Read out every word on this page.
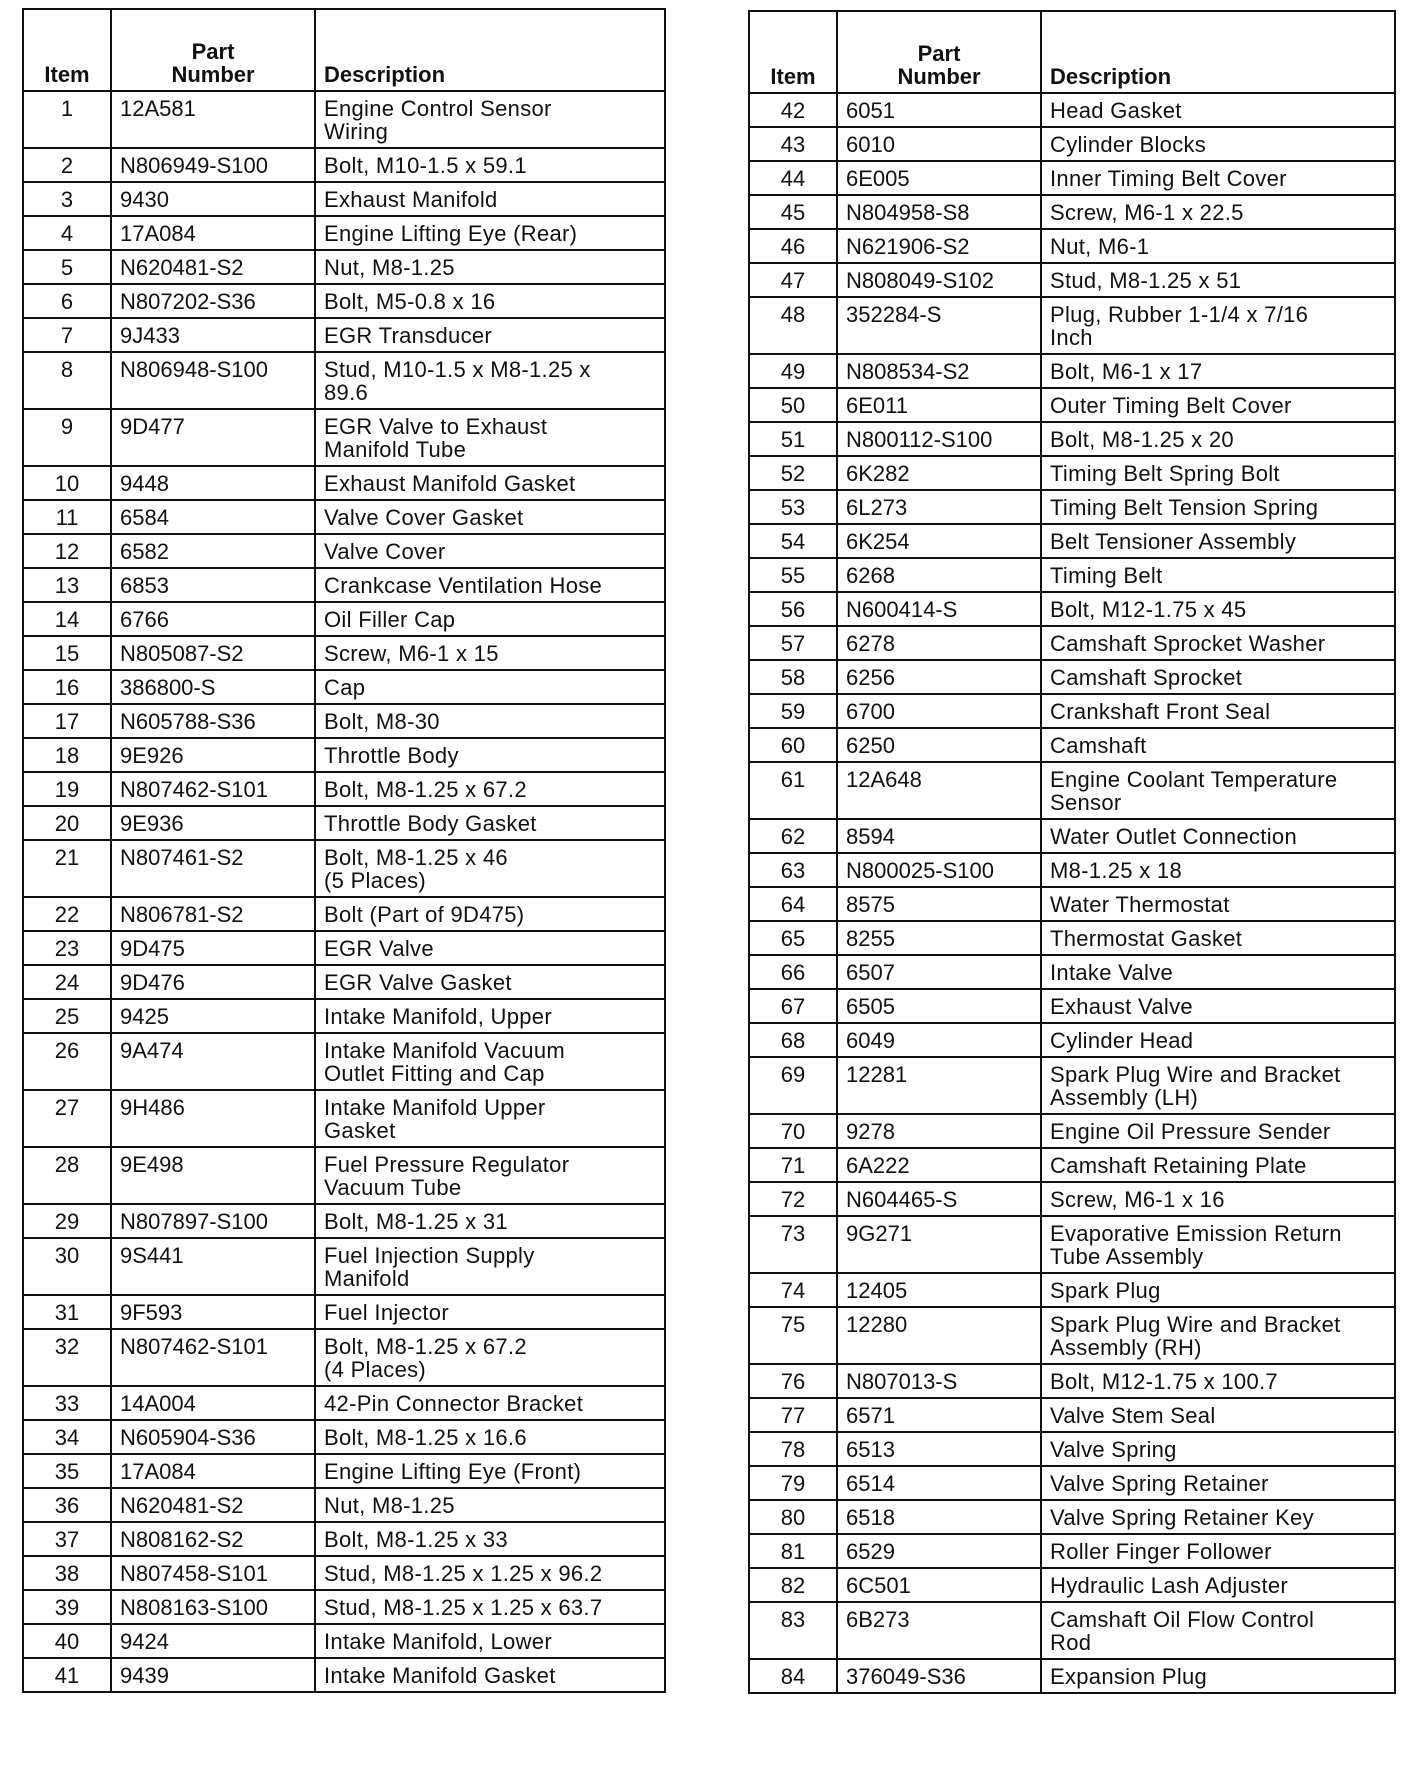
Item	Part
Number	Description
1	12A581	Engine Control Sensor
Wiring
2	N806949-S100	Bolt, M10-1.5 x 59.1
3	9430	Exhaust Manifold
4	17A084	Engine Lifting Eye (Rear)
5	N620481-S2	Nut, M8-1.25
6	N807202-S36	Bolt, M5-0.8 x 16
7	9J433	EGR Transducer
8	N806948-S100	Stud, M10-1.5 x M8-1.25 x
89.6
9	9D477	EGR Valve to Exhaust
Manifold Tube
10	9448	Exhaust Manifold Gasket
11	6584	Valve Cover Gasket
12	6582	Valve Cover
13	6853	Crankcase Ventilation Hose
14	6766	Oil Filler Cap
15	N805087-S2	Screw, M6-1 x 15
16	386800-S	Cap
17	N605788-S36	Bolt, M8-30
18	9E926	Throttle Body
19	N807462-S101	Bolt, M8-1.25 x 67.2
20	9E936	Throttle Body Gasket
21	N807461-S2	Bolt, M8-1.25 x 46
(5 Places)
22	N806781-S2	Bolt (Part of 9D475)
23	9D475	EGR Valve
24	9D476	EGR Valve Gasket
25	9425	Intake Manifold, Upper
26	9A474	Intake Manifold Vacuum
Outlet Fitting and Cap
27	9H486	Intake Manifold Upper
Gasket
28	9E498	Fuel Pressure Regulator
Vacuum Tube
29	N807897-S100	Bolt, M8-1.25 x 31
30	9S441	Fuel Injection Supply
Manifold
31	9F593	Fuel Injector
32	N807462-S101	Bolt, M8-1.25 x 67.2
(4 Places)
33	14A004	42-Pin Connector Bracket
34	N605904-S36	Bolt, M8-1.25 x 16.6
35	17A084	Engine Lifting Eye (Front)
36	N620481-S2	Nut, M8-1.25
37	N808162-S2	Bolt, M8-1.25 x 33
38	N807458-S101	Stud, M8-1.25 x 1.25 x 96.2
39	N808163-S100	Stud, M8-1.25 x 1.25 x 63.7
40	9424	Intake Manifold, Lower
41	9439	Intake Manifold Gasket
Item	Part
Number	Description
42	6051	Head Gasket
43	6010	Cylinder Blocks
44	6E005	Inner Timing Belt Cover
45	N804958-S8	Screw, M6-1 x 22.5
46	N621906-S2	Nut, M6-1
47	N808049-S102	Stud, M8-1.25 x 51
48	352284-S	Plug, Rubber 1-1/4 x 7/16
Inch
49	N808534-S2	Bolt, M6-1 x 17
50	6E011	Outer Timing Belt Cover
51	N800112-S100	Bolt, M8-1.25 x 20
52	6K282	Timing Belt Spring Bolt
53	6L273	Timing Belt Tension Spring
54	6K254	Belt Tensioner Assembly
55	6268	Timing Belt
56	N600414-S	Bolt, M12-1.75 x 45
57	6278	Camshaft Sprocket Washer
58	6256	Camshaft Sprocket
59	6700	Crankshaft Front Seal
60	6250	Camshaft
61	12A648	Engine Coolant Temperature
Sensor
62	8594	Water Outlet Connection
63	N800025-S100	M8-1.25 x 18
64	8575	Water Thermostat
65	8255	Thermostat Gasket
66	6507	Intake Valve
67	6505	Exhaust Valve
68	6049	Cylinder Head
69	12281	Spark Plug Wire and Bracket
Assembly (LH)
70	9278	Engine Oil Pressure Sender
71	6A222	Camshaft Retaining Plate
72	N604465-S	Screw, M6-1 x 16
73	9G271	Evaporative Emission Return
Tube Assembly
74	12405	Spark Plug
75	12280	Spark Plug Wire and Bracket
Assembly (RH)
76	N807013-S	Bolt, M12-1.75 x 100.7
77	6571	Valve Stem Seal
78	6513	Valve Spring
79	6514	Valve Spring Retainer
80	6518	Valve Spring Retainer Key
81	6529	Roller Finger Follower
82	6C501	Hydraulic Lash Adjuster
83	6B273	Camshaft Oil Flow Control
Rod
84	376049-S36	Expansion Plug
